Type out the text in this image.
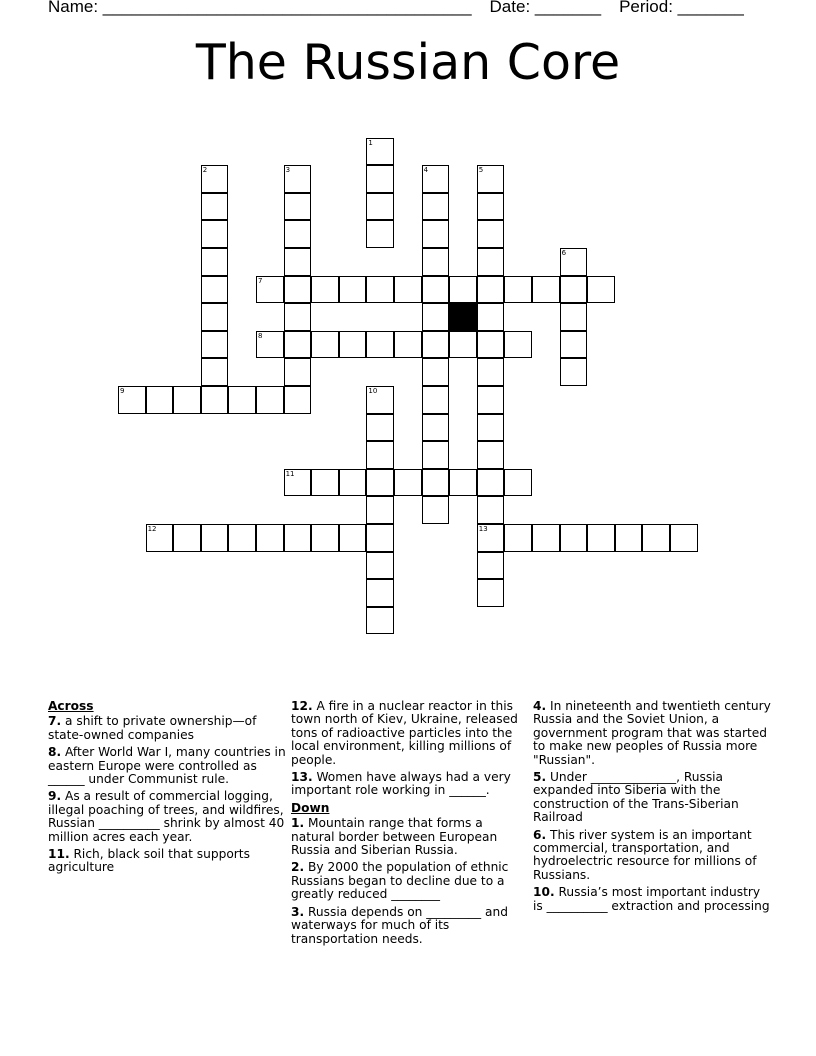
Name: _______________________________________ Date: _______ Period: _______
The Russian Core
1
2	3	4	5
13
6
7
8
9	10
11
12
Across
7. a shift to private ownership—of state-owned companies
8. After World War I, many countries in eastern Europe were controlled as ______ under Communist rule.
9. As a result of commercial logging, illegal poaching of trees, and wildfires, Russian __________ shrink by almost 40 million acres each year.
11. Rich, black soil that supports agriculture
12. A fire in a nuclear reactor in this town north of Kiev, Ukraine, released tons of radioactive particles into the local environment, killing millions of people.
13. Women have always had a very important role working in ______.
Down
1. Mountain range that forms a natural border between European Russia and Siberian Russia.
2. By 2000 the population of ethnic Russians began to decline due to a greatly reduced ________
3. Russia depends on _________ and waterways for much of its transportation needs.
4. In nineteenth and twentieth century Russia and the Soviet Union, a government program that was started to make new peoples of Russia more "Russian".
5. Under ______________, Russia expanded into Siberia with the construction of the Trans-Siberian Railroad
6. This river system is an important commercial, transportation, and hydroelectric resource for millions of Russians.
10. Russia’s most important industry is __________ extraction and processing
